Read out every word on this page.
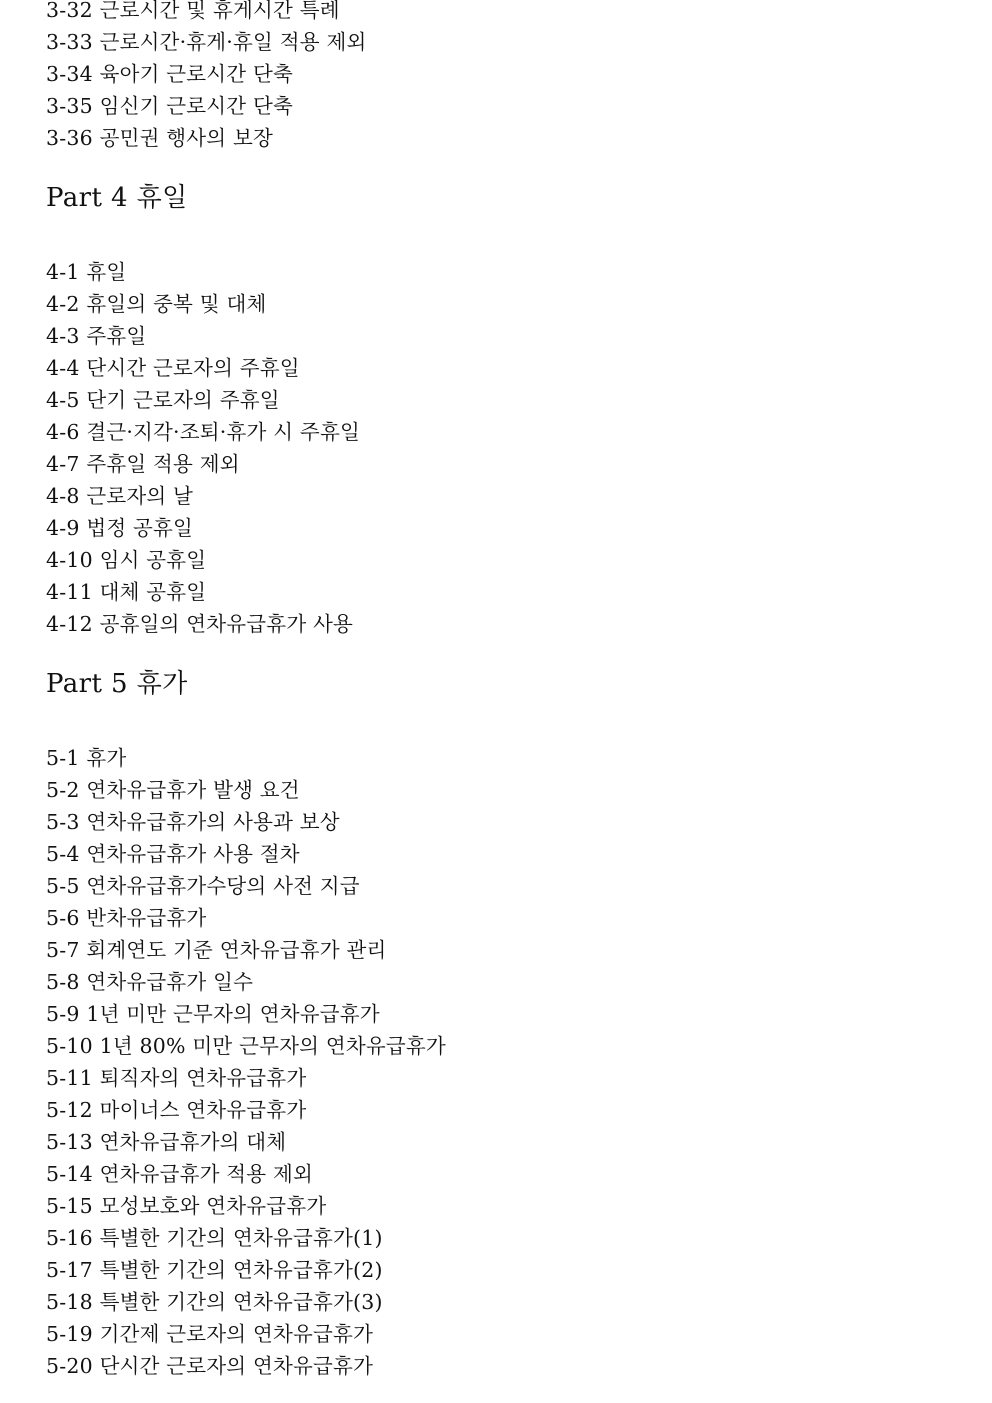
3-32 근로시간 및 휴게시간 특례
3-33 근로시간·휴게·휴일 적용 제외
3-34 육아기 근로시간 단축
3-35 임신기 근로시간 단축
3-36 공민권 행사의 보장
Part 4 휴일
4-1 휴일
4-2 휴일의 중복 및 대체
4-3 주휴일
4-4 단시간 근로자의 주휴일
4-5 단기 근로자의 주휴일
4-6 결근·지각·조퇴·휴가 시 주휴일
4-7 주휴일 적용 제외
4-8 근로자의 날
4-9 법정 공휴일
4-10 임시 공휴일
4-11 대체 공휴일
4-12 공휴일의 연차유급휴가 사용
Part 5 휴가
5-1 휴가
5-2 연차유급휴가 발생 요건
5-3 연차유급휴가의 사용과 보상
5-4 연차유급휴가 사용 절차
5-5 연차유급휴가수당의 사전 지급
5-6 반차유급휴가
5-7 회계연도 기준 연차유급휴가 관리
5-8 연차유급휴가 일수
5-9 1년 미만 근무자의 연차유급휴가
5-10 1년 80% 미만 근무자의 연차유급휴가
5-11 퇴직자의 연차유급휴가
5-12 마이너스 연차유급휴가
5-13 연차유급휴가의 대체
5-14 연차유급휴가 적용 제외
5-15 모성보호와 연차유급휴가
5-16 특별한 기간의 연차유급휴가(1)
5-17 특별한 기간의 연차유급휴가(2)
5-18 특별한 기간의 연차유급휴가(3)
5-19 기간제 근로자의 연차유급휴가
5-20 단시간 근로자의 연차유급휴가
